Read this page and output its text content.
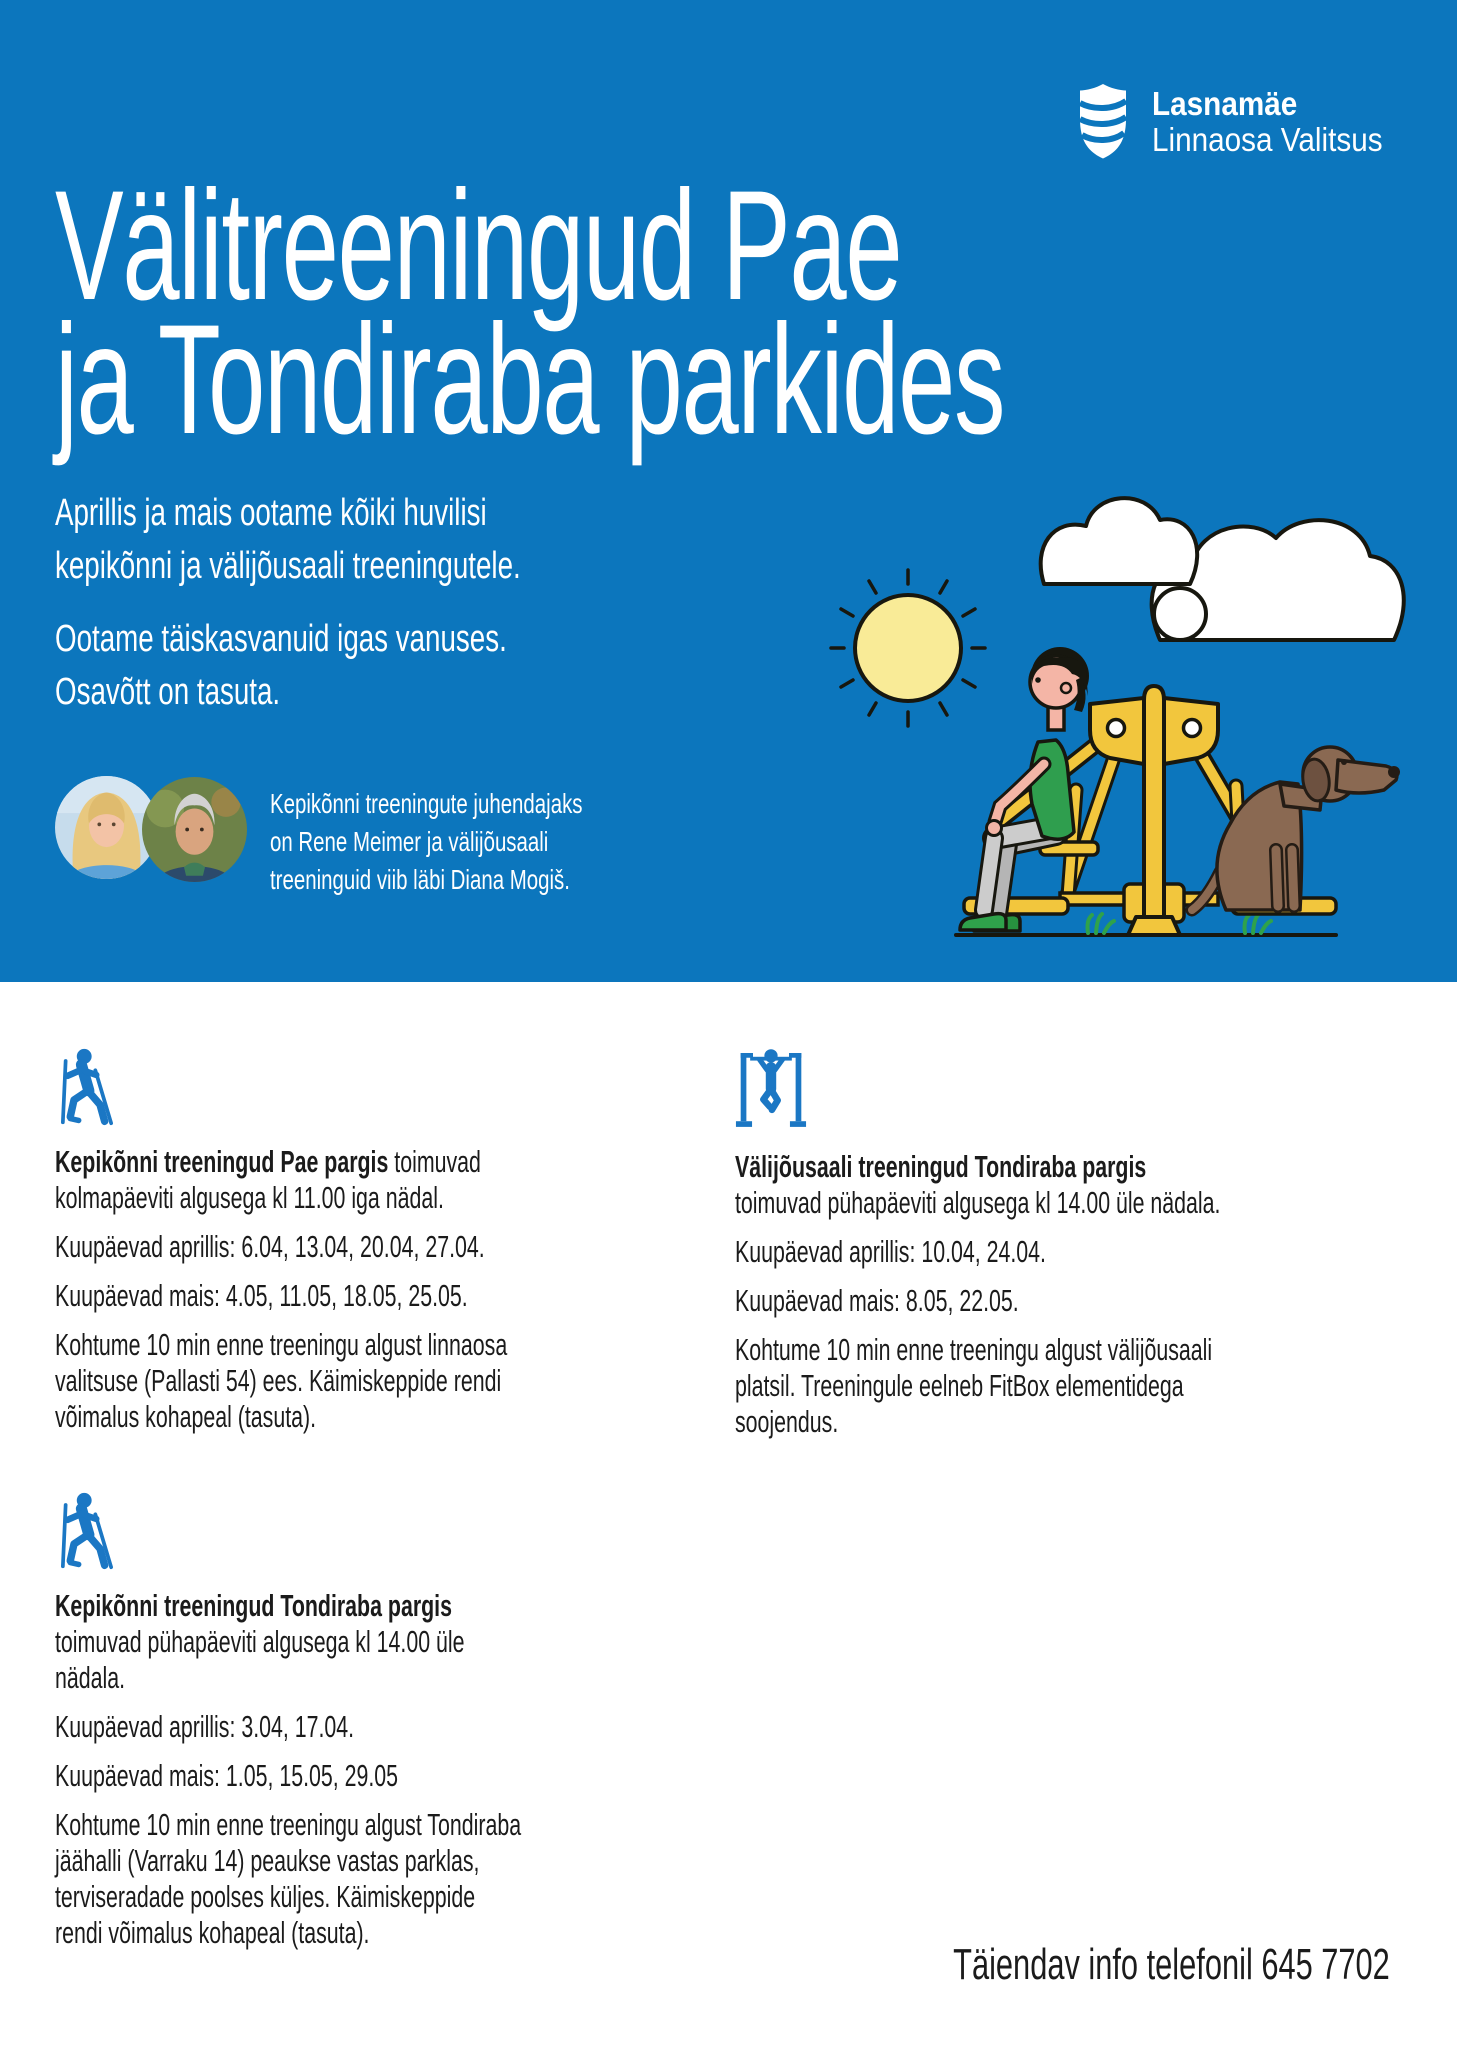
Lasnamäe

Linnaosa Valitsus

Välitreeningud Pae
ja Tondiraba parkides

Aprillis ja mais ootame kõiki huvilisi
kepikõnni ja välijõusaali treeningutele.

Ootame täiskasvanuid igas vanuses.
Osavõtt on tasuta.

Kepikõnni treeningute juhendajaks
on Rene Meimer ja välijõusaali
treeninguid viib läbi Diana Mogiš.

Kepikõnni treeningud Pae pargis toimuvad
kolmapäeviti algusega kl 11.00 iga nädal.

Kuupäevad aprillis: 6.04, 13.04, 20.04, 27.04.

Kuupäevad mais: 4.05, 11.05, 18.05, 25.05.

Kohtume 10 min enne treeningu algust linnaosa
valitsuse (Pallasti 54) ees. Käimiskeppide rendi
võimalus kohapeal (tasuta).

Välijõusaali treeningud Tondiraba pargis
toimuvad pühapäeviti algusega kl 14.00 üle nädala.

Kuupäevad aprillis: 10.04, 24.04.

Kuupäevad mais: 8.05, 22.05.

Kohtume 10 min enne treeningu algust välijõusaali
platsil. Treeningule eelneb FitBox elementidega
soojendus.

Kepikõnni treeningud Tondiraba pargis
toimuvad pühapäeviti algusega kl 14.00 üle
nädala.

Kuupäevad aprillis: 3.04, 17.04.

Kuupäevad mais: 1.05, 15.05, 29.05

Kohtume 10 min enne treeningu algust Tondiraba
jäähalli (Varraku 14) peaukse vastas parklas,
terviseradade poolses küljes. Käimiskeppide
rendi võimalus kohapeal (tasuta).

Täiendav info telefonil 645 7702
